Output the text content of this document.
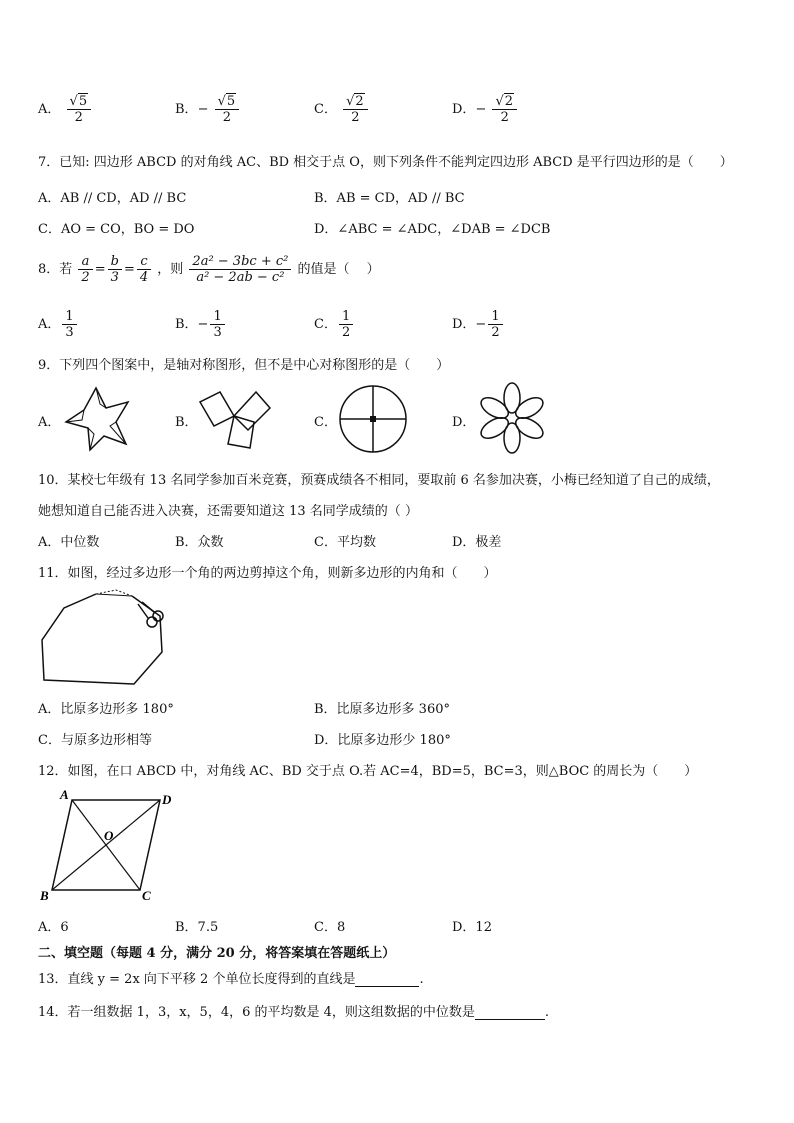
A． $\frac{√5}{2}$	B．− $\frac{√5}{2}$	C． $\frac{√2}{2}$	D．− $\frac{√2}{2}$
7．已知: 四边形 ABCD 的对角线 AC、BD 相交于点 O，则下列条件不能判定四边形 ABCD 是平行四边形的是（　　）
A．AB // CD，AD // BC	B．AB = CD，AD // BC
C．AO = CO，BO = DO	D．∠ABC = ∠ADC，∠DAB = ∠DCB
8．若 $\frac{a}{2} = \frac{b}{3} = \frac{c}{4}$ ，则 $\frac{\text{2a² − 3bc + c²}}{\text{a² − 2ab − c²}}$ 的值是（　 ）
A． $\frac{1}{3}$	B．− $\frac{1}{3}$	C． $\frac{1}{2}$	D．− $\frac{1}{2}$
9．下列四个图案中，是轴对称图形，但不是中心对称图形的是（　　）
A．	B．	C．	D．
10．某校七年级有 13 名同学参加百米竞赛，预赛成绩各不相同，要取前 6 名参加决赛，小梅已经知道了自己的成绩，
她想知道自己能否进入决赛，还需要知道这 13 名同学成绩的（ ）
A．中位数	B．众数	C．平均数	D．极差
11．如图，经过多边形一个角的两边剪掉这个角，则新多边形的内角和（　　）
A．比原多边形多 180°	B．比原多边形多 360°
C．与原多边形相等	D．比原多边形少 180°
12．如图，在口 ABCD 中，对角线 AC、BD 交于点 O.若 AC=4，BD=5，BC=3，则△BOC 的周长为（　　）
A	D
B	C
O
A．6	B．7.5	C．8	D．12
二、填空题（每题 4 分，满分 20 分，将答案填在答题纸上）
13．直线 y = 2x 向下平移 2 个单位长度得到的直线是	.
14．若一组数据 1，3，x，5，4，6 的平均数是 4，则这组数据的中位数是	.
